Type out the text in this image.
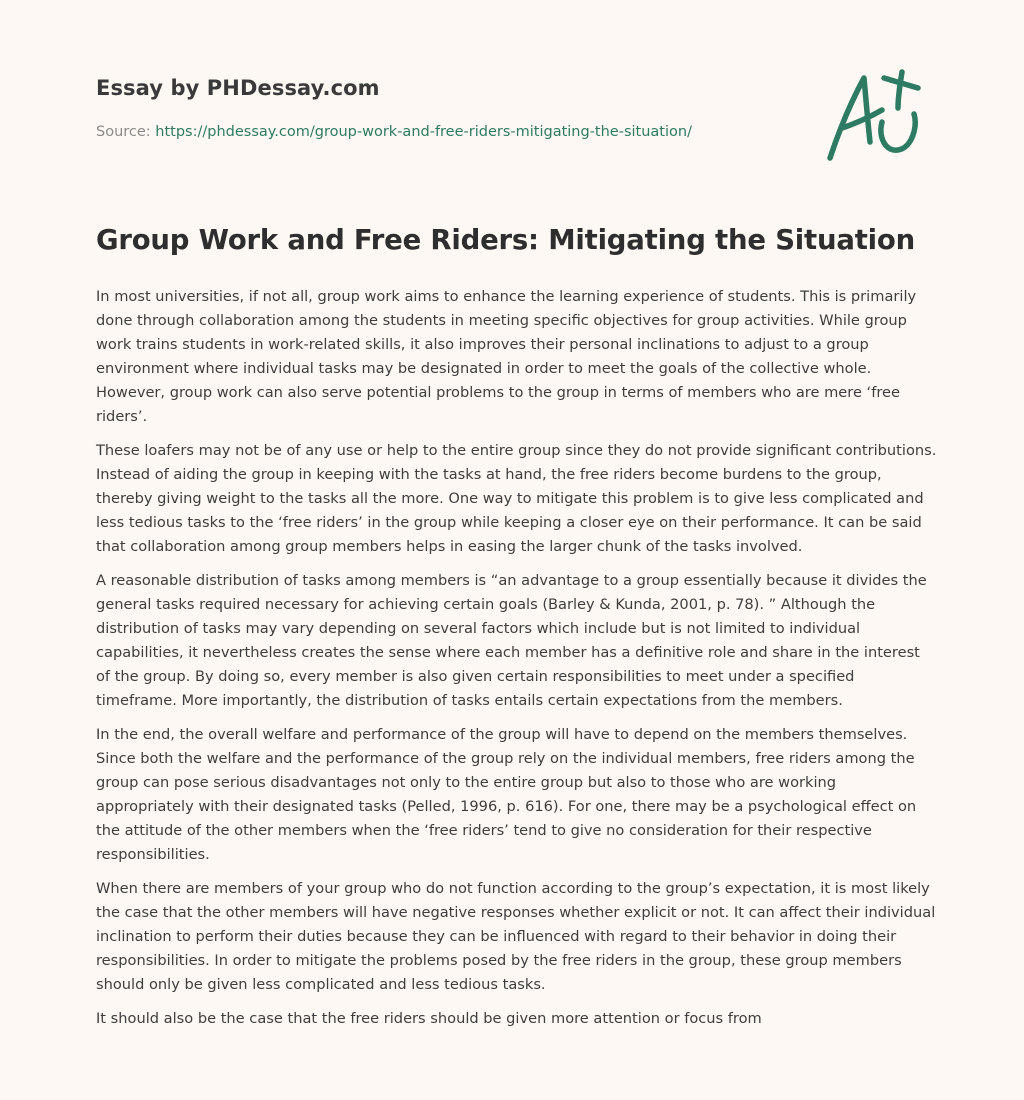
Essay by PHDessay.com
Source: https://phdessay.com/group-work-and-free-riders-mitigating-the-situation/
Group Work and Free Riders: Mitigating the Situation

In most universities, if not all, group work aims to enhance the learning experience of students. This is primarily done through collaboration among the students in meeting specific objectives for group activities. While group work trains students in work-related skills, it also improves their personal inclinations to adjust to a group environment where individual tasks may be designated in order to meet the goals of the collective whole. However, group work can also serve potential problems to the group in terms of members who are mere ‘free riders’.

These loafers may not be of any use or help to the entire group since they do not provide significant contributions. Instead of aiding the group in keeping with the tasks at hand, the free riders become burdens to the group, thereby giving weight to the tasks all the more. One way to mitigate this problem is to give less complicated and less tedious tasks to the ‘free riders’ in the group while keeping a closer eye on their performance. It can be said that collaboration among group members helps in easing the larger chunk of the tasks involved.

A reasonable distribution of tasks among members is “an advantage to a group essentially because it divides the general tasks required necessary for achieving certain goals (Barley & Kunda, 2001, p. 78). ” Although the distribution of tasks may vary depending on several factors which include but is not limited to individual capabilities, it nevertheless creates the sense where each member has a definitive role and share in the interest of the group. By doing so, every member is also given certain responsibilities to meet under a specified timeframe. More importantly, the distribution of tasks entails certain expectations from the members.

In the end, the overall welfare and performance of the group will have to depend on the members themselves. Since both the welfare and the performance of the group rely on the individual members, free riders among the group can pose serious disadvantages not only to the entire group but also to those who are working appropriately with their designated tasks (Pelled, 1996, p. 616). For one, there may be a psychological effect on the attitude of the other members when the ‘free riders’ tend to give no consideration for their respective responsibilities.

When there are members of your group who do not function according to the group’s expectation, it is most likely the case that the other members will have negative responses whether explicit or not. It can affect their individual inclination to perform their duties because they can be influenced with regard to their behavior in doing their responsibilities. In order to mitigate the problems posed by the free riders in the group, these group members should only be given less complicated and less tedious tasks.

It should also be the case that the free riders should be given more attention or focus from
